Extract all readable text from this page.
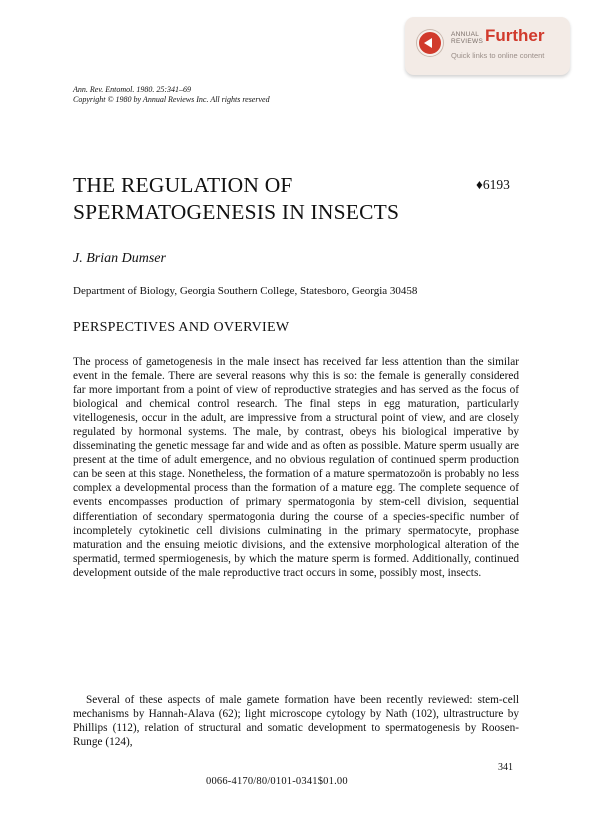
ANNUAL
REVIEWS Further
Quick links to online content
Ann. Rev. Entomol. 1980. 25:341–69
Copyright © 1980 by Annual Reviews Inc. All rights reserved
THE REGULATION OF
SPERMATOGENESIS IN INSECTS
♦6193
J. Brian Dumser
Department of Biology, Georgia Southern College, Statesboro, Georgia 30458
PERSPECTIVES AND OVERVIEW

The process of gametogenesis in the male insect has received far less attention than the similar event in the female. There are several reasons why this is so: the female is generally considered far more important from a point of view of reproductive strategies and has served as the focus of biological and chemical control research. The final steps in egg maturation, particularly vitellogenesis, occur in the adult, are impressive from a structural point of view, and are closely regulated by hormonal systems. The male, by contrast, obeys his biological imperative by disseminating the genetic message far and wide and as often as possible. Mature sperm usually are present at the time of adult emergence, and no obvious regulation of continued sperm production can be seen at this stage. Nonetheless, the formation of a mature spermatozoön is probably no less complex a developmental process than the formation of a mature egg. The complete sequence of events encompasses production of primary spermatogonia by stem-cell division, sequential differentiation of secondary spermatogonia during the course of a species-specific number of incompletely cytokinetic cell divisions culminating in the primary spermatocyte, prophase maturation and the ensuing meiotic divisions, and the extensive morphological alteration of the spermatid, termed spermiogenesis, by which the mature sperm is formed. Additionally, continued development outside of the male reproductive tract occurs in some, possibly most, insects.

Several of these aspects of male gamete formation have been recently reviewed: stem-cell mechanisms by Hannah-Alava (62); light microscope cytology by Nath (102), ultrastructure by Phillips (112), relation of structural and somatic development to spermatogenesis by Roosen-Runge (124),

341
0066-4170/80/0101-0341$01.00
